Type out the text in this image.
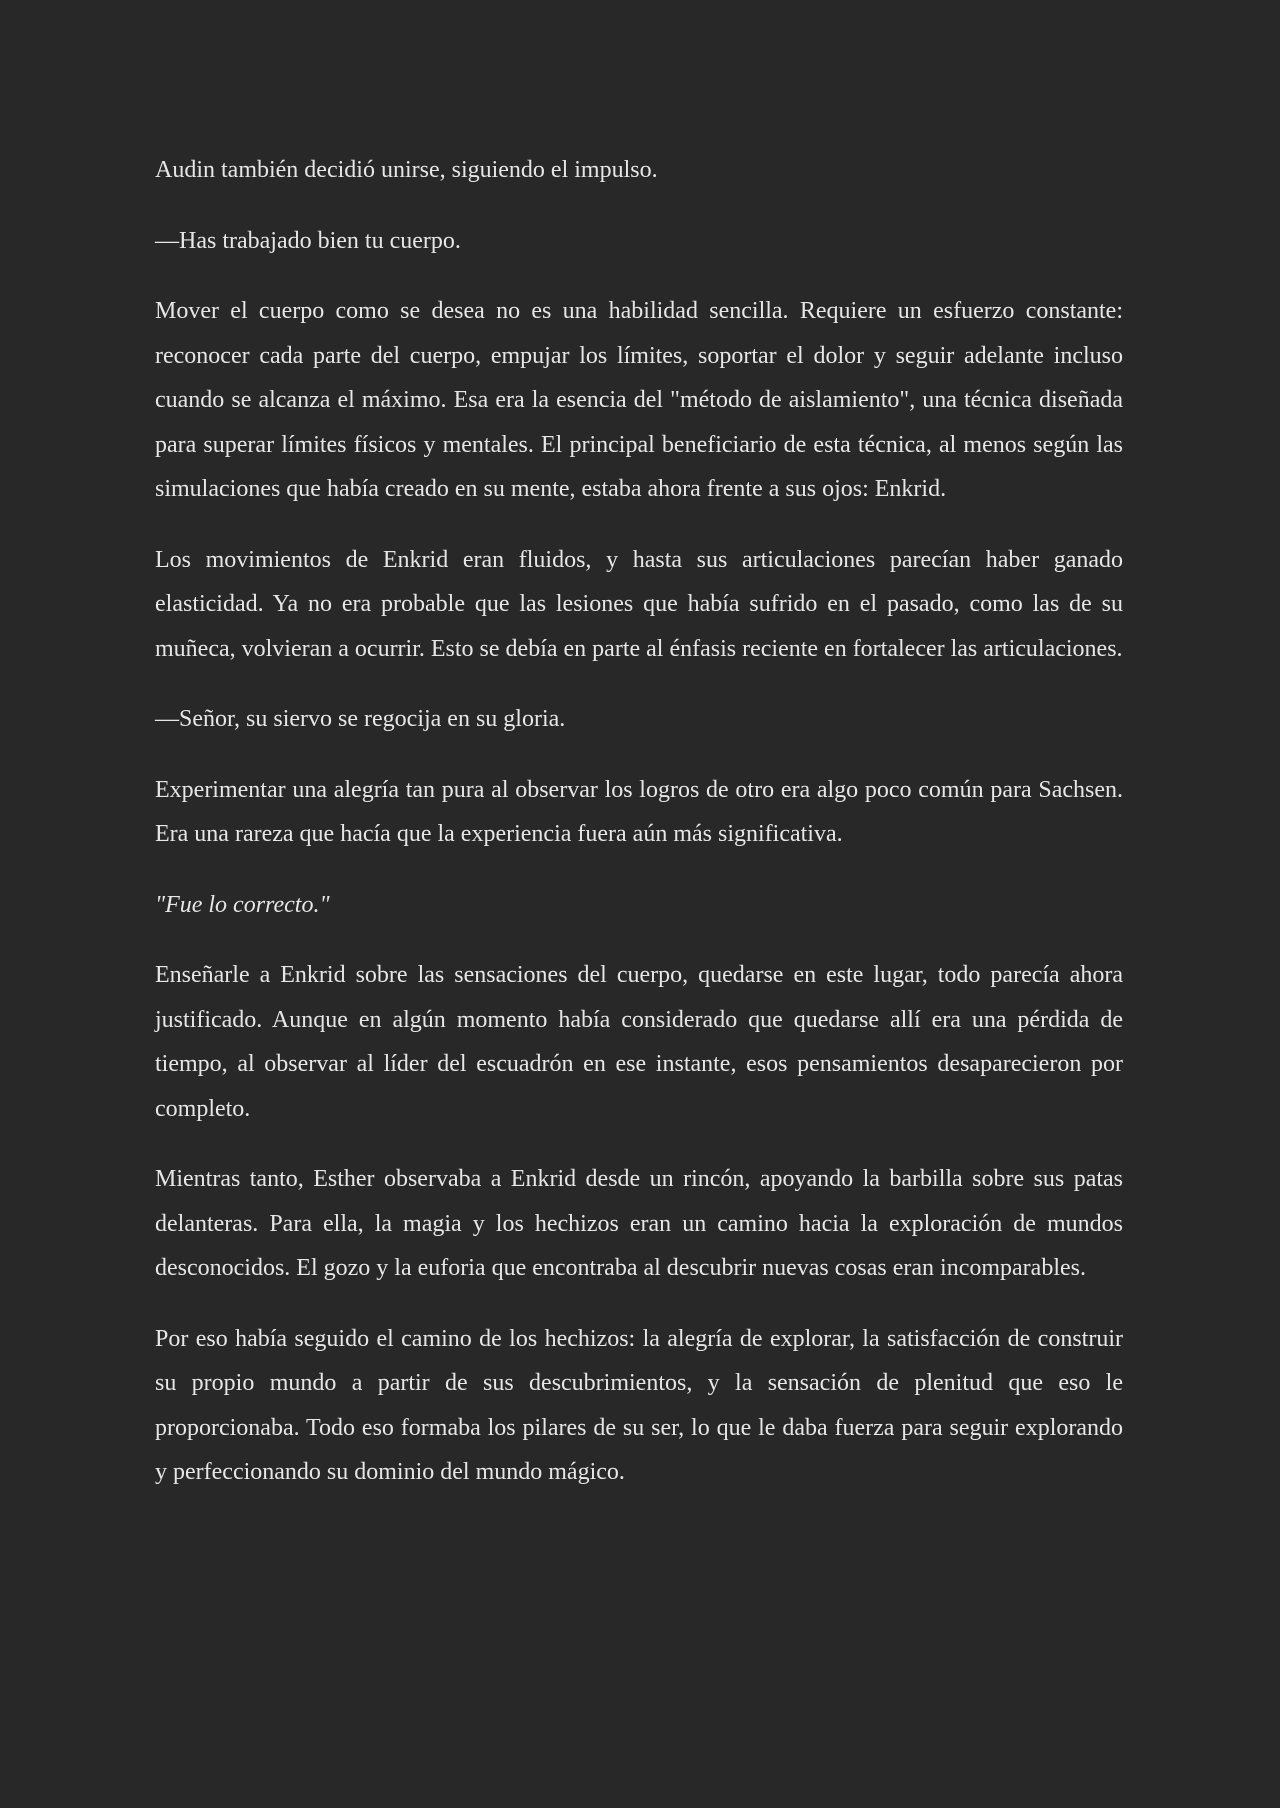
Audin también decidió unirse, siguiendo el impulso.

—Has trabajado bien tu cuerpo.

Mover el cuerpo como se desea no es una habilidad sencilla. Requiere un esfuerzo constante: reconocer cada parte del cuerpo, empujar los límites, soportar el dolor y seguir adelante incluso cuando se alcanza el máximo. Esa era la esencia del "método de aislamiento", una técnica diseñada para superar límites físicos y mentales. El principal beneficiario de esta técnica, al menos según las simulaciones que había creado en su mente, estaba ahora frente a sus ojos: Enkrid.

Los movimientos de Enkrid eran fluidos, y hasta sus articulaciones parecían haber ganado elasticidad. Ya no era probable que las lesiones que había sufrido en el pasado, como las de su muñeca, volvieran a ocurrir. Esto se debía en parte al énfasis reciente en fortalecer las articulaciones.

—Señor, su siervo se regocija en su gloria.

Experimentar una alegría tan pura al observar los logros de otro era algo poco común para Sachsen. Era una rareza que hacía que la experiencia fuera aún más significativa.

"Fue lo correcto."

Enseñarle a Enkrid sobre las sensaciones del cuerpo, quedarse en este lugar, todo parecía ahora justificado. Aunque en algún momento había considerado que quedarse allí era una pérdida de tiempo, al observar al líder del escuadrón en ese instante, esos pensamientos desaparecieron por completo.

Mientras tanto, Esther observaba a Enkrid desde un rincón, apoyando la barbilla sobre sus patas delanteras. Para ella, la magia y los hechizos eran un camino hacia la exploración de mundos desconocidos. El gozo y la euforia que encontraba al descubrir nuevas cosas eran incomparables.

Por eso había seguido el camino de los hechizos: la alegría de explorar, la satisfacción de construir su propio mundo a partir de sus descubrimientos, y la sensación de plenitud que eso le proporcionaba. Todo eso formaba los pilares de su ser, lo que le daba fuerza para seguir explorando y perfeccionando su dominio del mundo mágico.
